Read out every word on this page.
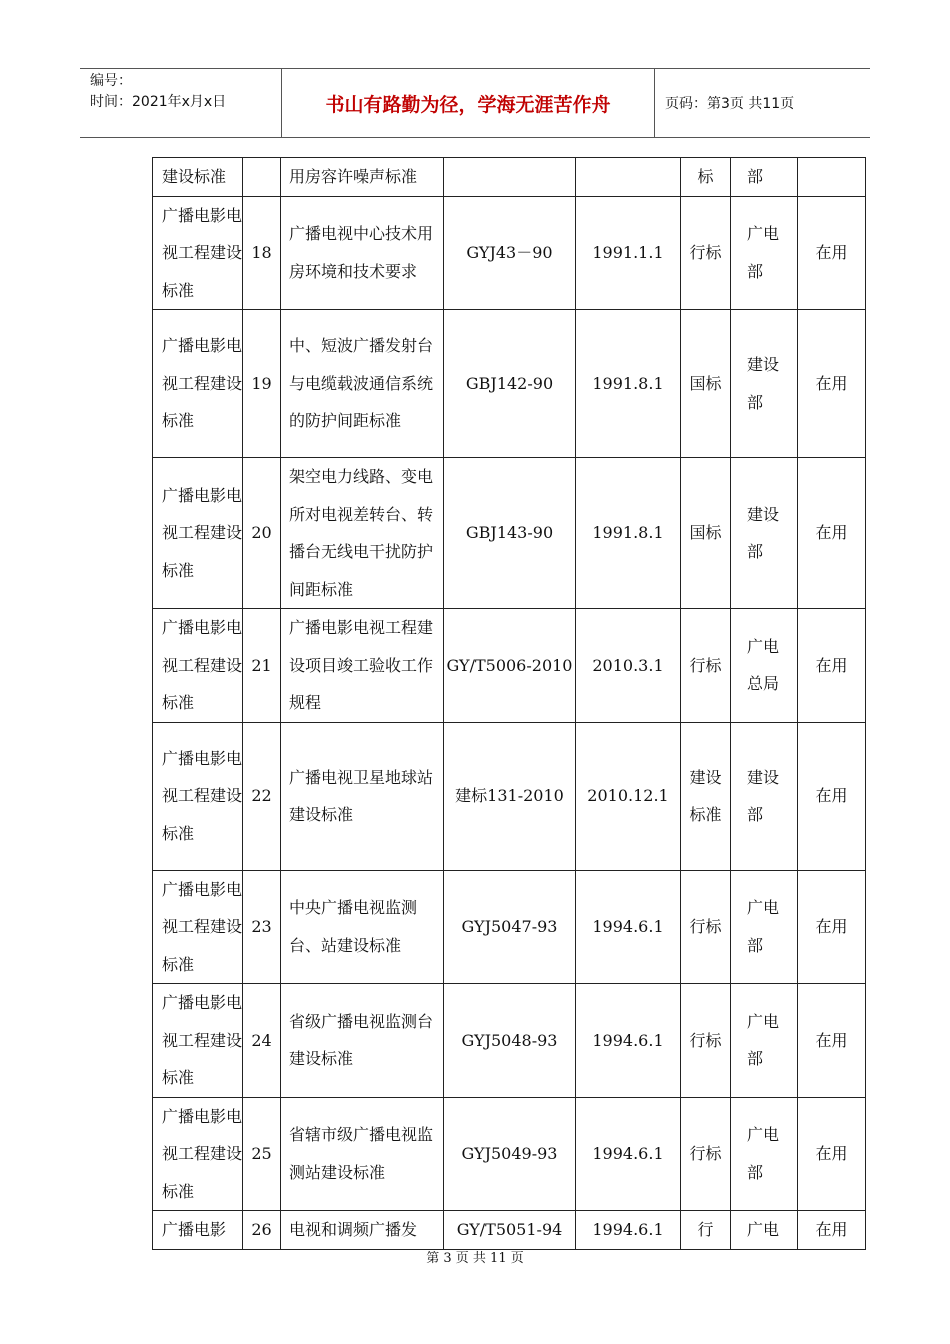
编号：
时间：2021年x月x日	书山有路勤为径，学海无涯苦作舟	页码：第3页 共11页
建设标准		用房容许噪声标准			标	部	
广播电影电视工程建设标准	18	广播电视中心技术用房环境和技术要求	GYJ43－90	1991.1.1	行标	广电部	在用
广播电影电视工程建设标准	19	中、短波广播发射台与电缆载波通信系统的防护间距标准	GBJ142-90	1991.8.1	国标	建设部	在用
广播电影电视工程建设标准	20	架空电力线路、变电所对电视差转台、转播台无线电干扰防护间距标准	GBJ143-90	1991.8.1	国标	建设部	在用
广播电影电视工程建设标准	21	广播电影电视工程建设项目竣工验收工作规程	GY/T5006-2010	2010.3.1	行标	广电总局	在用
广播电影电视工程建设标准	22	广播电视卫星地球站建设标准	建标131-2010	2010.12.1	建设标准	建设部	在用
广播电影电视工程建设标准	23	中央广播电视监测台、站建设标准	GYJ5047-93	1994.6.1	行标	广电部	在用
广播电影电视工程建设标准	24	省级广播电视监测台建设标准	GYJ5048-93	1994.6.1	行标	广电部	在用
广播电影电视工程建设标准	25	省辖市级广播电视监测站建设标准	GYJ5049-93	1994.6.1	行标	广电部	在用
广播电影	26	电视和调频广播发	GY/T5051-94	1994.6.1	行	广电	在用
第 3 页 共 11 页
